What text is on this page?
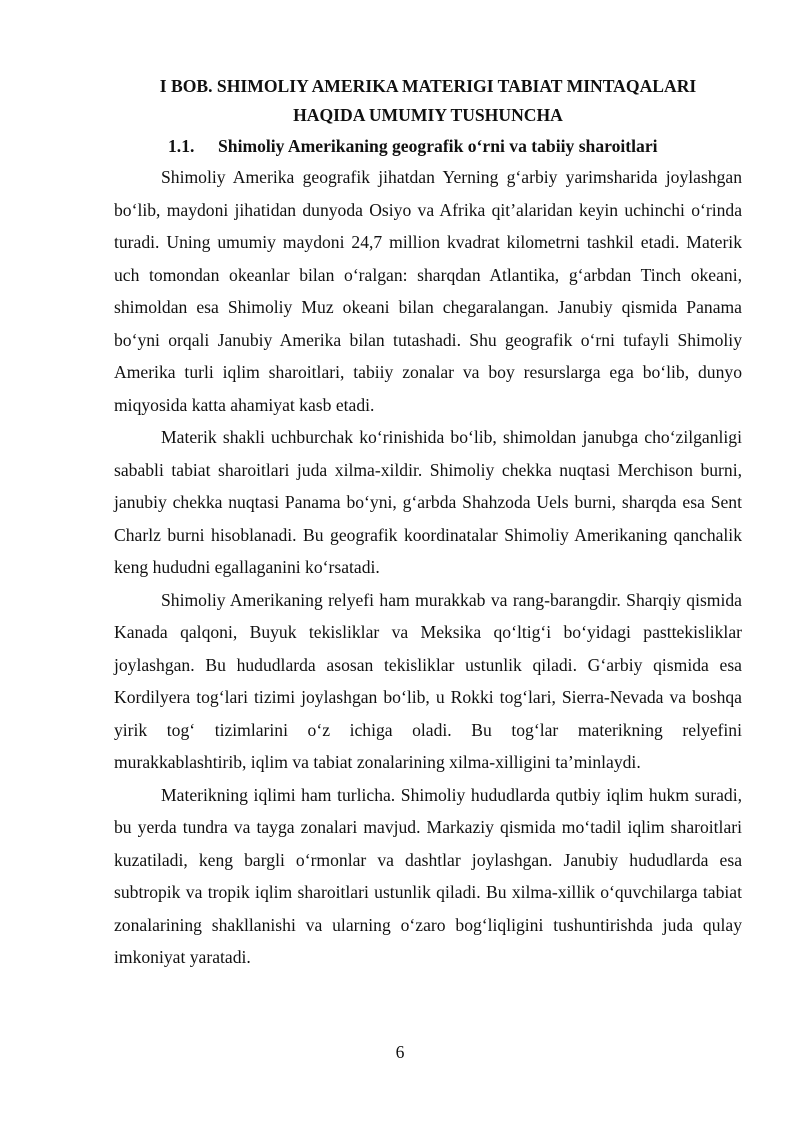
I BOB. SHIMOLIY AMERIKA MATERIGI TABIAT MINTAQALARI
HAQIDA UMUMIY TUSHUNCHA
1.1. Shimoliy Amerikaning geografik o‘rni va tabiiy sharoitlari

Shimoliy Amerika geografik jihatdan Yerning g‘arbiy yarimsharida joylashgan bo‘lib, maydoni jihatidan dunyoda Osiyo va Afrika qit’alaridan keyin uchinchi o‘rinda turadi. Uning umumiy maydoni 24,7 million kvadrat kilometrni tashkil etadi. Materik uch tomondan okeanlar bilan o‘ralgan: sharqdan Atlantika, g‘arbdan Tinch okeani, shimoldan esa Shimoliy Muz okeani bilan chegaralangan. Janubiy qismida Panama bo‘yni orqali Janubiy Amerika bilan tutashadi. Shu geografik o‘rni tufayli Shimoliy Amerika turli iqlim sharoitlari, tabiiy zonalar va boy resurslarga ega bo‘lib, dunyo miqyosida katta ahamiyat kasb etadi.

Materik shakli uchburchak ko‘rinishida bo‘lib, shimoldan janubga cho‘zilganligi sababli tabiat sharoitlari juda xilma-xildir. Shimoliy chekka nuqtasi Merchison burni, janubiy chekka nuqtasi Panama bo‘yni, g‘arbda Shahzoda Uels burni, sharqda esa Sent Charlz burni hisoblanadi. Bu geografik koordinatalar Shimoliy Amerikaning qanchalik keng hududni egallaganini ko‘rsatadi.

Shimoliy Amerikaning relyefi ham murakkab va rang-barangdir. Sharqiy qismida Kanada qalqoni, Buyuk tekisliklar va Meksika qo‘ltig‘i bo‘yidagi pasttekisliklar joylashgan. Bu hududlarda asosan tekisliklar ustunlik qiladi. G‘arbiy qismida esa Kordilyera tog‘lari tizimi joylashgan bo‘lib, u Rokki tog‘lari, Sierra-Nevada va boshqa yirik tog‘ tizimlarini o‘z ichiga oladi. Bu tog‘lar materikning relyefini murakkablashtirib, iqlim va tabiat zonalarining xilma-xilligini ta’minlaydi.

Materikning iqlimi ham turlicha. Shimoliy hududlarda qutbiy iqlim hukm suradi, bu yerda tundra va tayga zonalari mavjud. Markaziy qismida mo‘tadil iqlim sharoitlari kuzatiladi, keng bargli o‘rmonlar va dashtlar joylashgan. Janubiy hududlarda esa subtropik va tropik iqlim sharoitlari ustunlik qiladi. Bu xilma-xillik o‘quvchilarga tabiat zonalarining shakllanishi va ularning o‘zaro bog‘liqligini tushuntirishda juda qulay imkoniyat yaratadi.

6
